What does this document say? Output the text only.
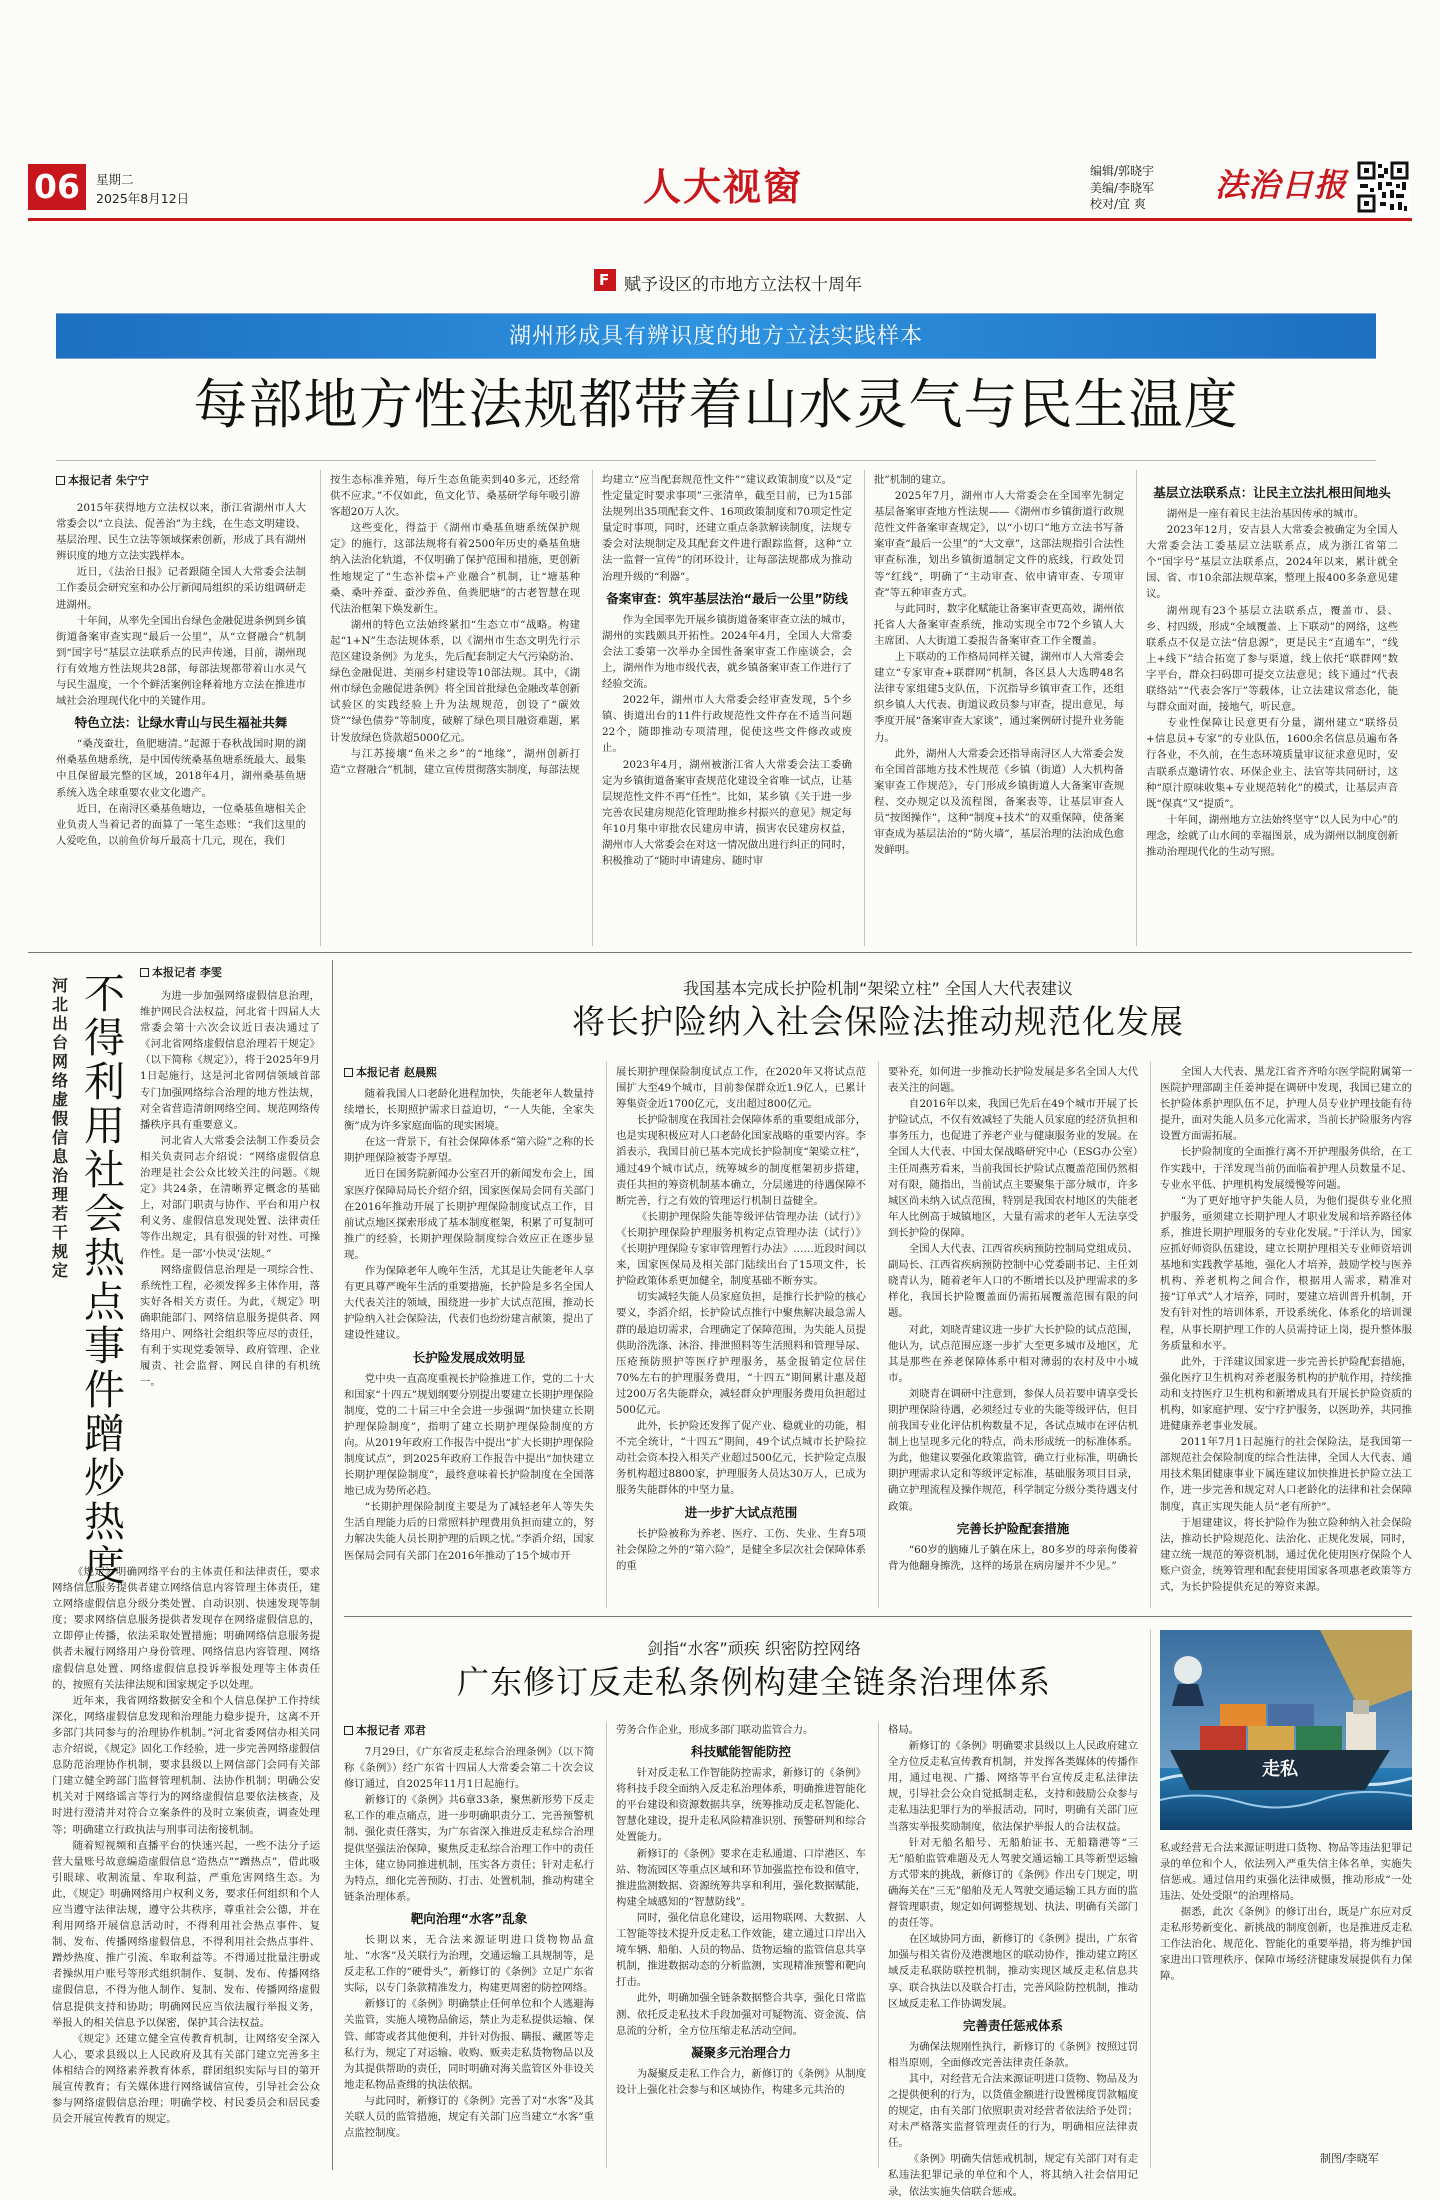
06	星期二
2025年8月12日	人大视窗	编辑/郭晓宇
美编/李晓军
校对/宜 爽 法治日报
F 赋予设区的市地方立法权十周年
湖州形成具有辨识度的地方立法实践样本
每部地方性法规都带着山水灵气与民生温度
本报记者 朱宁宁

2015年获得地方立法权以来，浙江省湖州市人大常委会以“立良法、促善治”为主线，在生态文明建设、基层治理、民生立法等领域探索创新，形成了具有湖州辨识度的地方立法实践样本。

近日，《法治日报》记者跟随全国人大常委会法制工作委员会研究室和办公厅新闻局组织的采访组调研走进湖州。

十年间，从率先全国出台绿色金融促进条例到乡镇街道备案审查实现“最后一公里”，从“立督融合”机制到“国字号”基层立法联系点的民声传递，目前，湖州现行有效地方性法规共28部，每部法规都带着山水灵气与民生温度，一个个鲜活案例诠释着地方立法在推进市域社会治理现代化中的关键作用。

特色立法：让绿水青山与民生福祉共舞

“桑茂蚕壮，鱼肥塘清。”起源于春秋战国时期的湖州桑基鱼塘系统，是中国传统桑基鱼塘系统最大、最集中且保留最完整的区域，2018年4月，湖州桑基鱼塘系统入选全球重要农业文化遗产。

近日，在南浔区桑基鱼塘边，一位桑基鱼塘相关企业负责人当着记者的面算了一笔生态账：“我们这里的人爱吃鱼，以前鱼价每斤最高十几元，现在，我们

按生态标准养殖，每斤生态鱼能卖到40多元，还经常供不应求。”不仅如此，鱼文化节、桑基研学每年吸引游客超20万人次。

这些变化，得益于《湖州市桑基鱼塘系统保护规定》的施行，这部法规将有着2500年历史的桑基鱼塘纳入法治化轨道，不仅明确了保护范围和措施，更创新性地规定了“生态补偿+产业融合”机制，让“塘基种桑、桑叶养蚕、蚕沙养鱼、鱼粪肥塘”的古老智慧在现代法治框架下焕发新生。

湖州的特色立法始终紧扣“生态立市”战略。构建起“1+N”生态法规体系，以《湖州市生态文明先行示范区建设条例》为龙头，先后配套制定大气污染防治、绿色金融促进、美丽乡村建设等10部法规。其中，《湖州市绿色金融促进条例》将全国首批绿色金融改革创新试验区的实践经验上升为法规规范，创设了“碳效贷”“绿色债券”等制度，破解了绿色项目融资难题，累计发放绿色贷款超5000亿元。

与江苏接壤“鱼米之乡”的“地缘”，湖州创新打造“立督融合”机制，建立宣传贯彻落实制度，每部法规

均建立“应当配套规范性文件”“建议政策制度”以及“定性定量定时要求事项”三张清单，截至目前，已为15部法规列出35项配套文件、16项政策制度和70项定性定量定时事项，同时，还建立重点条款解读制度，法规专委会对法规制定及其配套文件进行跟踪监督，这种“立法一监督一宣传”的闭环设计，让每部法规都成为推动治理升级的“利器”。

备案审查：筑牢基层法治“最后一公里”防线

作为全国率先开展乡镇街道备案审查立法的城市，湖州的实践颇具开拓性。2024年4月，全国人大常委会法工委第一次举办全国性备案审查工作座谈会，会上，湖州作为地市级代表，就乡镇备案审查工作进行了经验交流。

2022年，湖州市人大常委会经审查发现，5个乡镇、街道出台的11件行政规范性文件存在不适当问题22个，随即推动专项清理，促使这些文件修改或废止。

2023年4月，湖州被浙江省人大常委会法工委确定为乡镇街道备案审查规范化建设全省唯一试点，让基层规范性文件不再“任性”。比如，某乡镇《关于进一步完善农民建房规范化管理助推乡村振兴的意见》规定每年10月集中审批农民建房申请，损害农民建房权益，湖州市人大常委会在对这一情况做出进行纠正的同时，积极推动了“随时申请建房、随时审

批”机制的建立。

2025年7月，湖州市人大常委会在全国率先制定基层备案审查地方性法规——《湖州市乡镇街道行政规范性文件备案审查规定》，以“小切口”地方立法书写备案审查“最后一公里”的“大文章”，这部法规指引合法性审查标准，划出乡镇街道制定文件的底线，行政处罚等“红线”，明确了“主动审查、依申请审查、专项审查”等五种审查方式。

与此同时，数字化赋能让备案审查更高效，湖州依托省人大备案审查系统，推动实现全市72个乡镇人大主席团、人大街道工委报告备案审查工作全覆盖。

上下联动的工作格局同样关键，湖州市人大常委会建立“专家审查+联群网”机制，各区县人大选聘48名法律专家组建5支队伍，下沉指导乡镇审查工作，还组织乡镇人大代表、街道议政员参与审查，提出意见，每季度开展“备案审查大家谈”，通过案例研讨提升业务能力。

此外，湖州人大常委会还指导南浔区人大常委会发布全国首部地方技术性规范《乡镇（街道）人大机构备案审查工作规范》，专门形成乡镇街道人大备案审查规程、交办规定以及流程图，备案表等，让基层审查人员“按图操作”，这种“制度+技术”的双重保障，使备案审查成为基层法治的“防火墙”，基层治理的法治成色愈发鲜明。

基层立法联系点：让民主立法扎根田间地头

湖州是一座有着民主法治基因传承的城市。

2023年12月，安吉县人大常委会被确定为全国人大常委会法工委基层立法联系点，成为浙江省第二个“国字号”基层立法联系点，2024年以来，累计就全国、省、市10余部法规草案，整理上报400多条意见建议。

湖州现有23个基层立法联系点，覆盖市、县、乡、村四级，形成“全域覆盖、上下联动”的网络，这些联系点不仅是立法“信息源”，更是民主“直通车”，“线上+线下”结合拓宽了参与渠道，线上依托“联群网”数字平台，群众扫码即可提交立法意见；线下通过“代表联络站”“代表会客厅”等载体，让立法建议常态化，能与群众面对面，接地气，听民意。

专业性保障让民意更有分量，湖州建立“联络员+信息员+专家”的专业队伍，1600余名信息员遍布各行各业，不久前，在生态环境质量审议征求意见时，安吉联系点邀请竹农、环保企业主、法官等共同研讨，这种“原汁原味收集+专业规范转化”的模式，让基层声音既“保真”又“提质”。

十年间，湖州地方立法始终坚守“以人民为中心”的理念，绘就了山水间的幸福图景，成为湖州以制度创新推动治理现代化的生动写照。

河北出台网络虚假信息治理若干规定
不得利用社会热点事件蹭炒热度
本报记者 李雯

为进一步加强网络虚假信息治理，维护网民合法权益，河北省十四届人大常委会第十六次会议近日表决通过了《河北省网络虚假信息治理若干规定》（以下简称《规定》），将于2025年9月1日起施行，这是河北省网信领域首部专门加强网络综合治理的地方性法规，对全省营造清朗网络空间、规范网络传播秩序具有重要意义。

河北省人大常委会法制工作委员会相关负责同志介绍说：“网络虚假信息治理是社会公众比较关注的问题。《规定》共24条，在清晰界定概念的基础上，对部门职责与协作、平台和用户权利义务、虚假信息发现处置、法律责任等作出规定，具有很强的针对性、可操作性。是一部‘小快灵’法规。”

网络虚假信息治理是一项综合性、系统性工程，必须发挥多主体作用，落实好各相关方责任。为此，《规定》明确职能部门、网络信息服务提供者、网络用户、网络社会组织等应尽的责任，有利于实现党委领导、政府管理、企业履责、社会监督、网民自律的有机统一。

《规定》明确网络平台的主体责任和法律责任，要求网络信息服务提供者建立网络信息内容管理主体责任，建立网络虚假信息分级分类处置、自动识别、快速发现等制度；要求网络信息服务提供者发现存在网络虚假信息的，立即停止传播，依法采取处置措施；明确网络信息服务提供者未履行网络用户身份管理、网络信息内容管理、网络虚假信息处置、网络虚假信息投诉举报处理等主体责任的，按照有关法律法规和国家规定予以处理。

近年来，我省网络数据安全和个人信息保护工作持续深化，网络虚假信息发现和治理能力稳步提升，这离不开多部门共同参与的治理协作机制。”河北省委网信办相关同志介绍说，《规定》固化工作经验，进一步完善网络虚假信息防范治理协作机制，要求县级以上网信部门会同有关部门建立健全跨部门监督管理机制、法协作机制；明确公安机关对于网络谣言等行为的网络虚假信息要依法核查，及时进行澄清并对符合立案条件的及时立案侦查，调查处理等；明确建立行政执法与刑事司法衔接机制。

随着短视频和直播平台的快速兴起，一些不法分子运营大量账号故意编造虚假信息“造热点”“蹭热点”，借此吸引眼球、收割流量、牟取利益，严重危害网络生态。为此，《规定》明确网络用户权利义务，要求任何组织和个人应当遵守法律法规，遵守公共秩序，尊重社会公德，并在利用网络开展信息活动时，不得利用社会热点事件、复制、发布、传播网络虚假信息，不得利用社会热点事件、蹭炒热度、推广引流、牟取利益等。不得通过批量注册或者操纵用户账号等形式组织制作、复制、发布、传播网络虚假信息，不得为他人制作、复制、发布、传播网络虚假信息提供支持和协助；明确网民应当依法履行举报义务，举报人的相关信息予以保密，保护其合法权益。

《规定》还建立健全宣传教育机制，让网络安全深入人心，要求县级以上人民政府及其有关部门建立完善多主体相结合的网络素养教育体系，群团组织实际与目的第开展宣传教育；有关媒体进行网络诚信宣传，引导社会公众参与网络虚假信息治理；明确学校、村民委员会和居民委员会开展宣传教育的规定。

我国基本完成长护险机制“架梁立柱” 全国人大代表建议
将长护险纳入社会保险法推动规范化发展
本报记者 赵晨熙

随着我国人口老龄化进程加快，失能老年人数量持续增长，长期照护需求日益迫切，“一人失能，全家失衡”成为许多家庭面临的现实困境。

在这一背景下，有社会保障体系“第六险”之称的长期护理保险被寄予厚望。

近日在国务院新闻办公室召开的新闻发布会上，国家医疗保障局局长介绍介绍，国家医保局会同有关部门在2016年推动开展了长期护理保险制度试点工作，目前试点地区探索形成了基本制度框架，积累了可复制可推广的经验，长期护理保险制度综合效应正在逐步显现。

作为保障老年人晚年生活，尤其是让失能老年人享有更具尊严晚年生活的重要措施，长护险是多名全国人大代表关注的领域，围绕进一步扩大试点范围，推动长护险纳入社会保险法，代表们也纷纷建言献策，提出了建设性建议。

长护险发展成效明显

党中央一直高度重视长护险推进工作，党的二十大和国家“十四五”规划纲要分别提出要建立长期护理保险制度，党的二十届三中全会进一步强调“加快建立长期护理保险制度”，指明了建立长期护理保险制度的方向。从2019年政府工作报告中提出“扩大长期护理保险制度试点”，到2025年政府工作报告中提出“加快建立长期护理保险制度”，最终意味着长护险制度在全国落地已成为势所必趋。

“长期护理保险制度主要是为了减轻老年人等失失生活自理能力后的日常照料护理费用负担而建立的，努力解决失能人员长期护理的后顾之忧。”李滔介绍，国家医保局会同有关部门在2016年推动了15个城市开

展长期护理保险制度试点工作，在2020年又将试点范围扩大至49个城市，目前参保群众近1.9亿人，已累计筹集资金近1700亿元，支出超过800亿元。

长护险制度在我国社会保障体系的重要组成部分，也是实现积极应对人口老龄化国家战略的重要内容。李滔表示，我国目前已基本完成长护险制度“架梁立柱”，通过49个城市试点，统筹城乡的制度框架初步搭建，责任共担的筹资机制基本确立，分层递进的待遇保障不断完善，行之有效的管理运行机制日益健全。

《长期护理保险失能等级评估管理办法（试行）》《长期护理保险护理服务机构定点管理办法（试行）》《长期护理保险专家审管理暂行办法》……近段时间以来，国家医保局及相关部门陆续出台了15项文件，长护险政策体系更加健全，制度基础不断夯实。

切实减轻失能人员家庭负担，是推行长护险的核心要义，李滔介绍，长护险试点推行中聚焦解决最急需人群的最迫切需求，合理确定了保障范围，为失能人员提供助浴洗涤、沐浴、排泄照料等生活照料和管理导尿、压疮预防照护等医疗护理服务，基金报销定位居住70%左右的护理服务费用，“十四五”期间累计惠及超过200万名失能群众，减轻群众护理服务费用负担超过500亿元。

此外，长护险还发挥了促产业、稳就业的功能，相不完全统计，“十四五”期间，49个试点城市长护险拉动社会资本投入相关产业超过500亿元，长护险定点服务机构超过8800家，护理服务人员达30万人，已成为服务失能群体的中坚力量。

进一步扩大试点范围

长护险被称为养老、医疗、工伤、失业、生育5项社会保险之外的“第六险”，是健全多层次社会保障体系的重

要补充，如何进一步推动长护险发展是多名全国人大代表关注的问题。

自2016年以来，我国已先后在49个城市开展了长护险试点，不仅有效减轻了失能人员家庭的经济负担和事务压力，也促进了养老产业与健康服务业的发展。在全国人大代表、中国太保战略研究中心（ESG办公室）主任周燕芳看来，当前我国长护险试点覆盖范围仍然相对有限，随指出，当前试点主要聚集于部分城市，许多城区尚未纳入试点范围，特别是我国农村地区的失能老年人比例高于城镇地区，大量有需求的老年人无法享受到长护险的保障。

全国人大代表、江西省疾病预防控制局党组成员、副局长、江西省疾病预防控制中心党委副书记、主任刘晓青认为，随着老年人口的不断增长以及护理需求的多样化，我国长护险覆盖面仍需拓展覆盖范围有限的问题。

对此，刘晓青建议进一步扩大长护险的试点范围，他认为，试点范围应逐一步扩大至更多城市及地区，尤其是那些在养老保障体系中相对薄弱的农村及中小城市。

刘晓青在调研中注意到，参保人员若要申请享受长期护理保险待遇，必须经过专业的失能等级评估，但目前我国专业化评估机构数量不足，各试点城市在评估机制上也呈现多元化的特点，尚未形成统一的标准体系。为此，他建议要强化政策监管，确立行业标准，明确长期护理需求认定和等级评定标准，基础服务项目目录，确立护理流程及操作规范，科学制定分级分类待遇支付政策。

完善长护险配套措施

“60岁的脑瘫儿子躺在床上，80多岁的母亲佝偻着背为他翻身擦洗，这样的场景在病房屡并不少见。”

全国人大代表、黑龙江省齐齐哈尔医学院附属第一医院护理部副主任姜神提在调研中发现，我国已建立的长护险体系护理队伍不足，护理人员专业护理技能有待提升，面对失能人员多元化需求，当前长护险服务内容设置方面需拓展。

长护险制度的全面推行离不开护理服务供给，在工作实践中，于洋发现当前仍面临着护理人员数量不足、专业水平低、护理机构发展缓慢等问题。

“为了更好地守护失能人员，为他们提供专业化照护服务，亟须建立长期护理人才职业发展和培养路径体系，推进长期护理服务的专业化发展。”于洋认为，国家应抓好师资队伍建设，建立长期护理相关专业师资培训基地和实践教学基地，强化人才培养，鼓励学校与医养机构、养老机构之间合作，根据用人需求，精准对接“订单式”人才培养，同时，要建立培训晋升机制，开发有针对性的培训体系，开设系统化、体系化的培训课程，从事长期护理工作的人员需持证上岗，提升整体服务质量和水平。

此外，于洋建议国家进一步完善长护险配套措施，强化医疗卫生机构对养老服务机构的护航作用，持续推动和支持医疗卫生机构和新增成具有开展长护险资质的机构，如家庭护理、安宁疗护服务，以医助养，共同推进健康养老事业发展。

2011年7月1日起施行的社会保险法，是我国第一部规范社会保险制度的综合性法律，全国人大代表、通用技术集团健康事业下属连建议加快推进长护险立法工作，进一步完善和规定对人口老龄化的法律和社会保障制度，真正实现失能人员“老有所护”。

于旭建建议，将长护险作为独立险种纳入社会保险法，推动长护险规范化、法治化、正规化发展，同时，建立统一规范的筹资机制，通过优化使用医疗保险个人账户资金，统筹管理和配套使用国家各项惠老政策等方式，为长护险提供充足的筹资来源。

剑指“水客”顽疾 织密防控网络
广东修订反走私条例构建全链条治理体系
本报记者 邓君

7月29日，《广东省反走私综合治理条例》（以下简称《条例》）经广东省十四届人大常委会第二十次会议修订通过，自2025年11月1日起施行。

新修订的《条例》共6章33条，聚焦新形势下反走私工作的难点痛点，进一步明确职责分工、完善预警机制、强化责任落实，为广东省深入推进反走私综合治理提供坚强法治保障，聚焦反走私综合治理工作中的责任主体，建立协同推进机制，压实各方责任；针对走私行为特点，细化完善预防、打击、处置机制，推动构建全链条治理体系。

靶向治理“水客”乱象

长期以来，无合法来源证明进口货物物品盒址、“水客”及关联行为治理，交通运输工具规制等，是反走私工作的“硬骨头”，新修订的《条例》立足广东省实际，以专门条款精准发力，构建更周密的防控网络。

新修订的《条例》明确禁止任何单位和个人逃避海关监管，实施人境物品偷运，禁止为走私提供运输、保管、邮寄或者其他便利，并针对伪报、瞒报、藏匿等走私行为，规定了对运输、收购、贩卖走私货物物品以及为其提供帮助的责任，同时明确对海关监管区外非设关地走私物品查缉的执法依据。

与此同时，新修订的《条例》完善了对“水客”及其关联人员的监管措施，规定有关部门应当建立“水客”重点监控制度。

劳务合作企业，形成多部门联动监管合力。

科技赋能智能防控

针对反走私工作智能防控需求，新修订的《条例》将科技手段全面纳入反走私治理体系，明确推进智能化的平台建设和资源数据共享，统筹推动反走私智能化、智慧化建设，提升走私风险精准识别、预警研判和综合处置能力。

新修订的《条例》要求在走私通道、口岸港区、车站、物流园区等重点区域和环节加强监控布设和值守，推进监测数据、资源统筹共享和利用，强化数据赋能，构建全域感知的“智慧防线”。

同时，强化信息化建设，运用物联网、大数据、人工智能等技术提升反走私工作效能，建立通过口岸出入境车辆、船舶、人员的物品、货物运输的监管信息共享机制，推进数据动态的分析监测，实现精准预警和靶向打击。

此外，明确加强全链条数据整合共享，强化日常监测、依托反走私技术手段加强对可疑物流、资金流、信息流的分析，全方位压缩走私活动空间。

凝聚多元治理合力

为凝聚反走私工作合力，新修订的《条例》从制度设计上强化社会参与和区域协作，构建多元共治的

格局。

新修订的《条例》明确要求县级以上人民政府建立全方位反走私宣传教育机制，并发挥各类媒体的传播作用，通过电视、广播、网络等平台宣传反走私法律法规，引导社会公众自觉抵制走私，支持和鼓励公众参与走私违法犯罪行为的举报活动，同时，明确有关部门应当落实举报奖励制度，依法保护举报人的合法权益。

针对无船名船号、无船舶证书、无船籍港等“三无”船舶监管难题及无人驾驶交通运输工具等新型运输方式带来的挑战，新修订的《条例》作出专门规定，明确海关在“三无”船舶及无人驾驶交通运输工具方面的监督管理职责，规定如何调整规划、执法、明确有关部门的责任等。

在区域协同方面，新修订的《条例》提出，广东省加强与相关省份及港澳地区的联动协作，推动建立跨区域反走私联防联控机制，推动实现区域反走私信息共享、联合执法以及联合打击，完善风险防控机制，推动区域反走私工作协调发展。

完善责任惩戒体系

为确保法规刚性执行，新修订的《条例》按照过罚相当原则，全面修改完善法律责任条款。

其中，对经营无合法来源证明进口货物、物品及为之提供便利的行为，以货值金额进行设置梯度罚款幅度的规定，由有关部门依照职责对经营者依法给予处罚；对未严格落实监督管理责任的行为，明确相应法律责任。

《条例》明确失信惩戒机制，规定有关部门对有走私违法犯罪记录的单位和个人，将其纳入社会信用记录，依法实施失信联合惩戒。

走私

私或经营无合法来源证明进口货物、物品等违法犯罪记录的单位和个人，依法列入严重失信主体名单，实施失信惩戒。通过信用约束强化法律威慑，推动形成“一处违法、处处受限”的治理格局。

据悉，此次《条例》的修订出台，既是广东应对反走私形势新变化、新挑战的制度创新，也是推进反走私工作法治化、规范化、智能化的重要举措，将为维护国家进出口管理秩序、保障市场经济健康发展提供有力保障。

制图/李晓军
